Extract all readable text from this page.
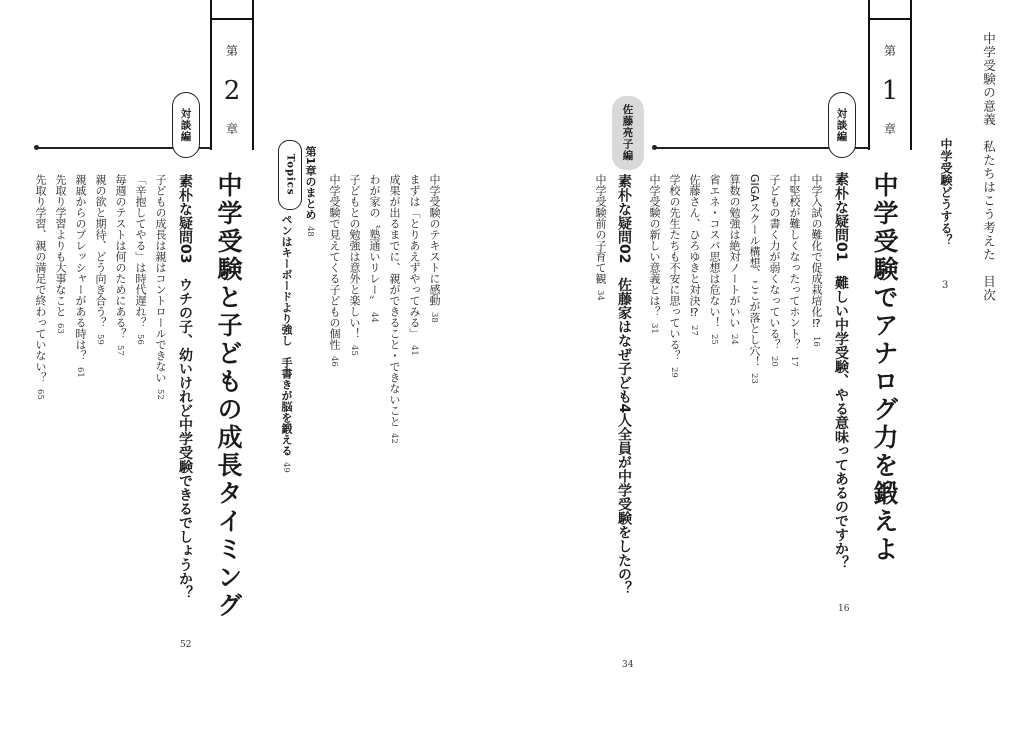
中学受験の意義　私たちはこう考えた　目次
中学受験どうする？
3
第
1
章
中学受験でアナログ力を鍛えよ
対談編
素朴な疑問01　難しい中学受験、やる意味ってあるのですか？
16
中学入試の難化で促成栽培化⁉16
中堅校が難しくなったってホント？17
子どもの書く力が弱くなっている？20
GIGAスクール構想、ここが落とし穴！23
算数の勉強は絶対ノートがいい24
省エネ・コスパ思想は危ない！25
佐藤さん、ひろゆきと対決⁉27
学校の先生たちも不安に思っている？29
中学受験の新しい意義とは？31
佐藤亮子編
素朴な疑問02　佐藤家はなぜ子ども4人全員が中学受験をしたの？
34
中学受験前の子育て観34
中学受験のテキストに感動38
まずは「とりあえずやってみる」41
成果が出るまでに、親ができること・できないこと42
わが家の〝塾通いリレー〟44
子どもとの勉強は意外と楽しい！45
中学受験で見えてくる子どもの個性46
第1章のまとめ48
Topics
ペンはキーボードより強し　手書きが脳を鍛える49
第
2
章
中学受験と子どもの成長タイミング
対談編
素朴な疑問03　ウチの子、幼いけれど中学受験できるでしょうか？
52
子どもの成長は親はコントロールできない52
「辛抱してやる」は時代遅れ？56
毎週のテストは何のためにある？57
親の欲と期待、どう向き合う？59
親戚からのプレッシャーがある時は？61
先取り学習よりも大事なこと63
先取り学習、親の満足で終わっていない？65
